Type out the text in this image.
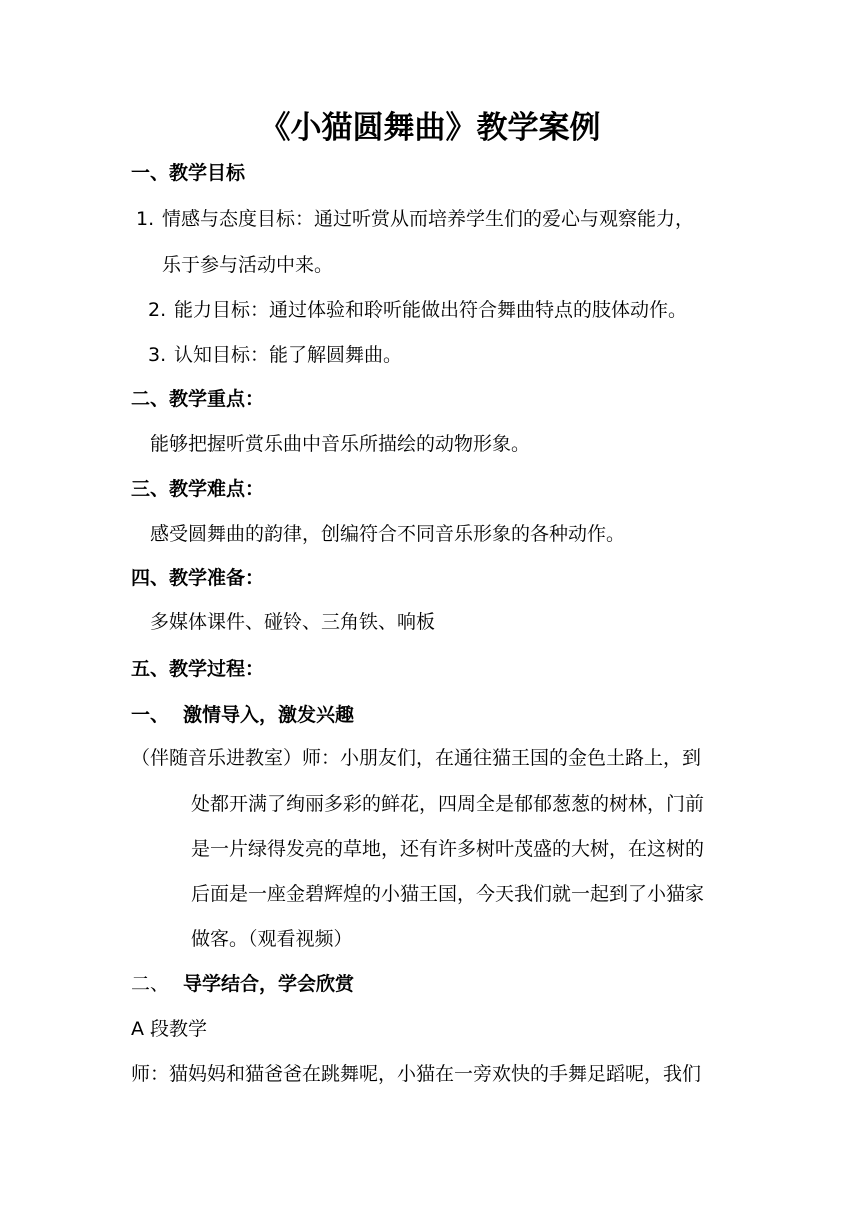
《小猫圆舞曲》教学案例
一、教学目标
1. 情感与态度目标：通过听赏从而培养学生们的爱心与观察能力，
乐于参与活动中来。
2. 能力目标：通过体验和聆听能做出符合舞曲特点的肢体动作。
3. 认知目标：能了解圆舞曲。
二、教学重点：
能够把握听赏乐曲中音乐所描绘的动物形象。
三、教学难点：
感受圆舞曲的韵律，创编符合不同音乐形象的各种动作。
四、教学准备：
多媒体课件、碰铃、三角铁、响板
五、教学过程：
一、 激情导入，激发兴趣
（伴随音乐进教室）师：小朋友们，在通往猫王国的金色土路上，到
处都开满了绚丽多彩的鲜花，四周全是郁郁葱葱的树林，门前
是一片绿得发亮的草地，还有许多树叶茂盛的大树，在这树的
后面是一座金碧辉煌的小猫王国，今天我们就一起到了小猫家
做客。（观看视频）
二、 导学结合，学会欣赏
A 段教学
师：猫妈妈和猫爸爸在跳舞呢，小猫在一旁欢快的手舞足蹈呢，我们
